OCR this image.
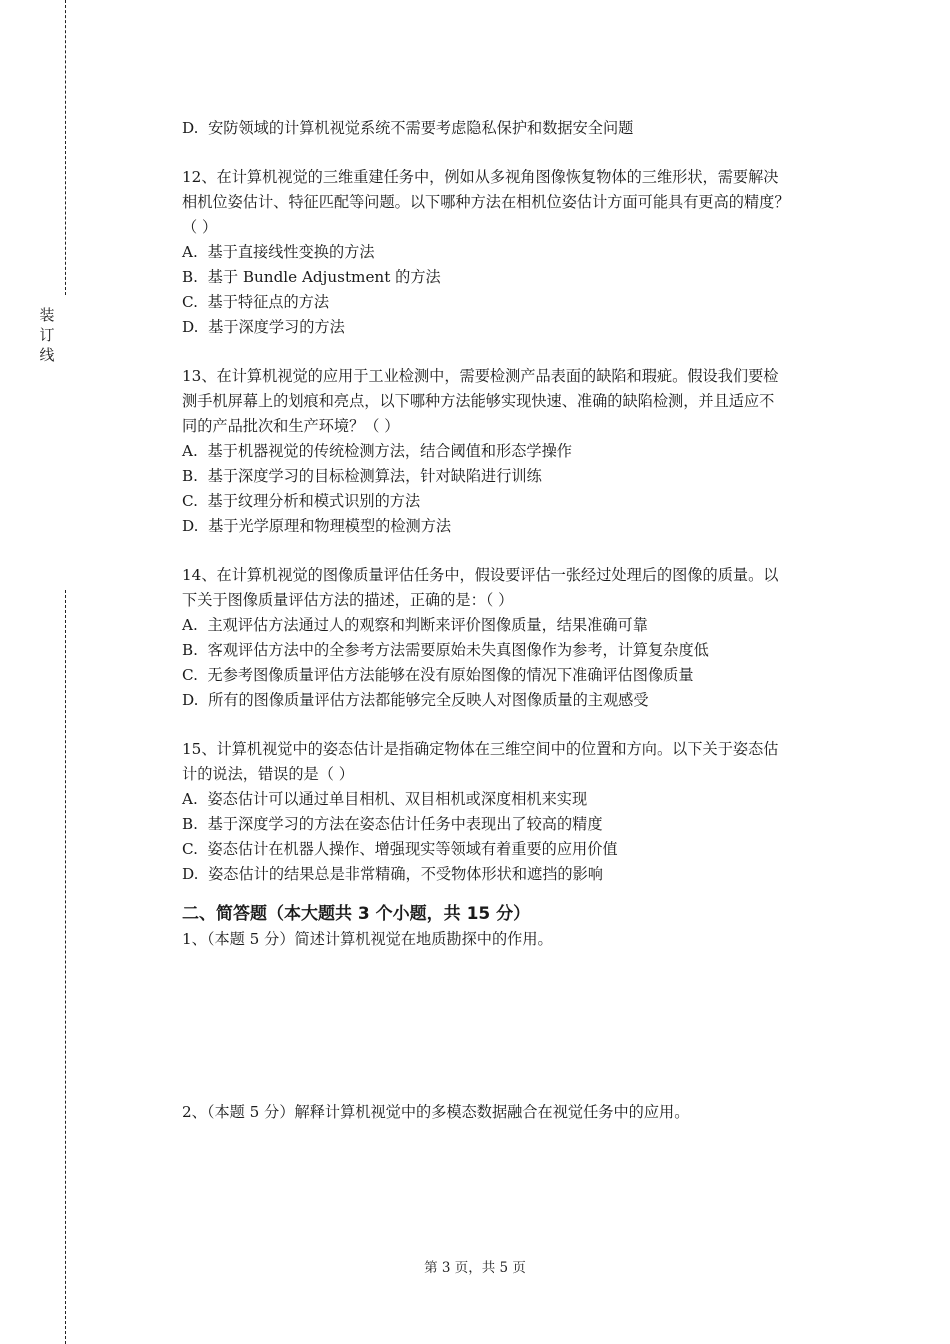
装
订
线

D.  安防领域的计算机视觉系统不需要考虑隐私保护和数据安全问题

12、在计算机视觉的三维重建任务中，例如从多视角图像恢复物体的三维形状，需要解决

相机位姿估计、特征匹配等问题。以下哪种方法在相机位姿估计方面可能具有更高的精度？

（ ）

A.  基于直接线性变换的方法

B.  基于 Bundle Adjustment 的方法

C.  基于特征点的方法

D.  基于深度学习的方法

13、在计算机视觉的应用于工业检测中，需要检测产品表面的缺陷和瑕疵。假设我们要检

测手机屏幕上的划痕和亮点，以下哪种方法能够实现快速、准确的缺陷检测，并且适应不

同的产品批次和生产环境？（ ）

A.  基于机器视觉的传统检测方法，结合阈值和形态学操作

B.  基于深度学习的目标检测算法，针对缺陷进行训练

C.  基于纹理分析和模式识别的方法

D.  基于光学原理和物理模型的检测方法

14、在计算机视觉的图像质量评估任务中，假设要评估一张经过处理后的图像的质量。以

下关于图像质量评估方法的描述，正确的是：（ ）

A.  主观评估方法通过人的观察和判断来评价图像质量，结果准确可靠

B.  客观评估方法中的全参考方法需要原始未失真图像作为参考，计算复杂度低

C.  无参考图像质量评估方法能够在没有原始图像的情况下准确评估图像质量

D.  所有的图像质量评估方法都能够完全反映人对图像质量的主观感受

15、计算机视觉中的姿态估计是指确定物体在三维空间中的位置和方向。以下关于姿态估

计的说法，错误的是（ ）

A.  姿态估计可以通过单目相机、双目相机或深度相机来实现

B.  基于深度学习的方法在姿态估计任务中表现出了较高的精度

C.  姿态估计在机器人操作、增强现实等领域有着重要的应用价值

D.  姿态估计的结果总是非常精确，不受物体形状和遮挡的影响

二、简答题（本大题共 3 个小题，共 15 分）

1、（本题 5 分）简述计算机视觉在地质勘探中的作用。

2、（本题 5 分）解释计算机视觉中的多模态数据融合在视觉任务中的应用。

第 3 页，共 5 页
